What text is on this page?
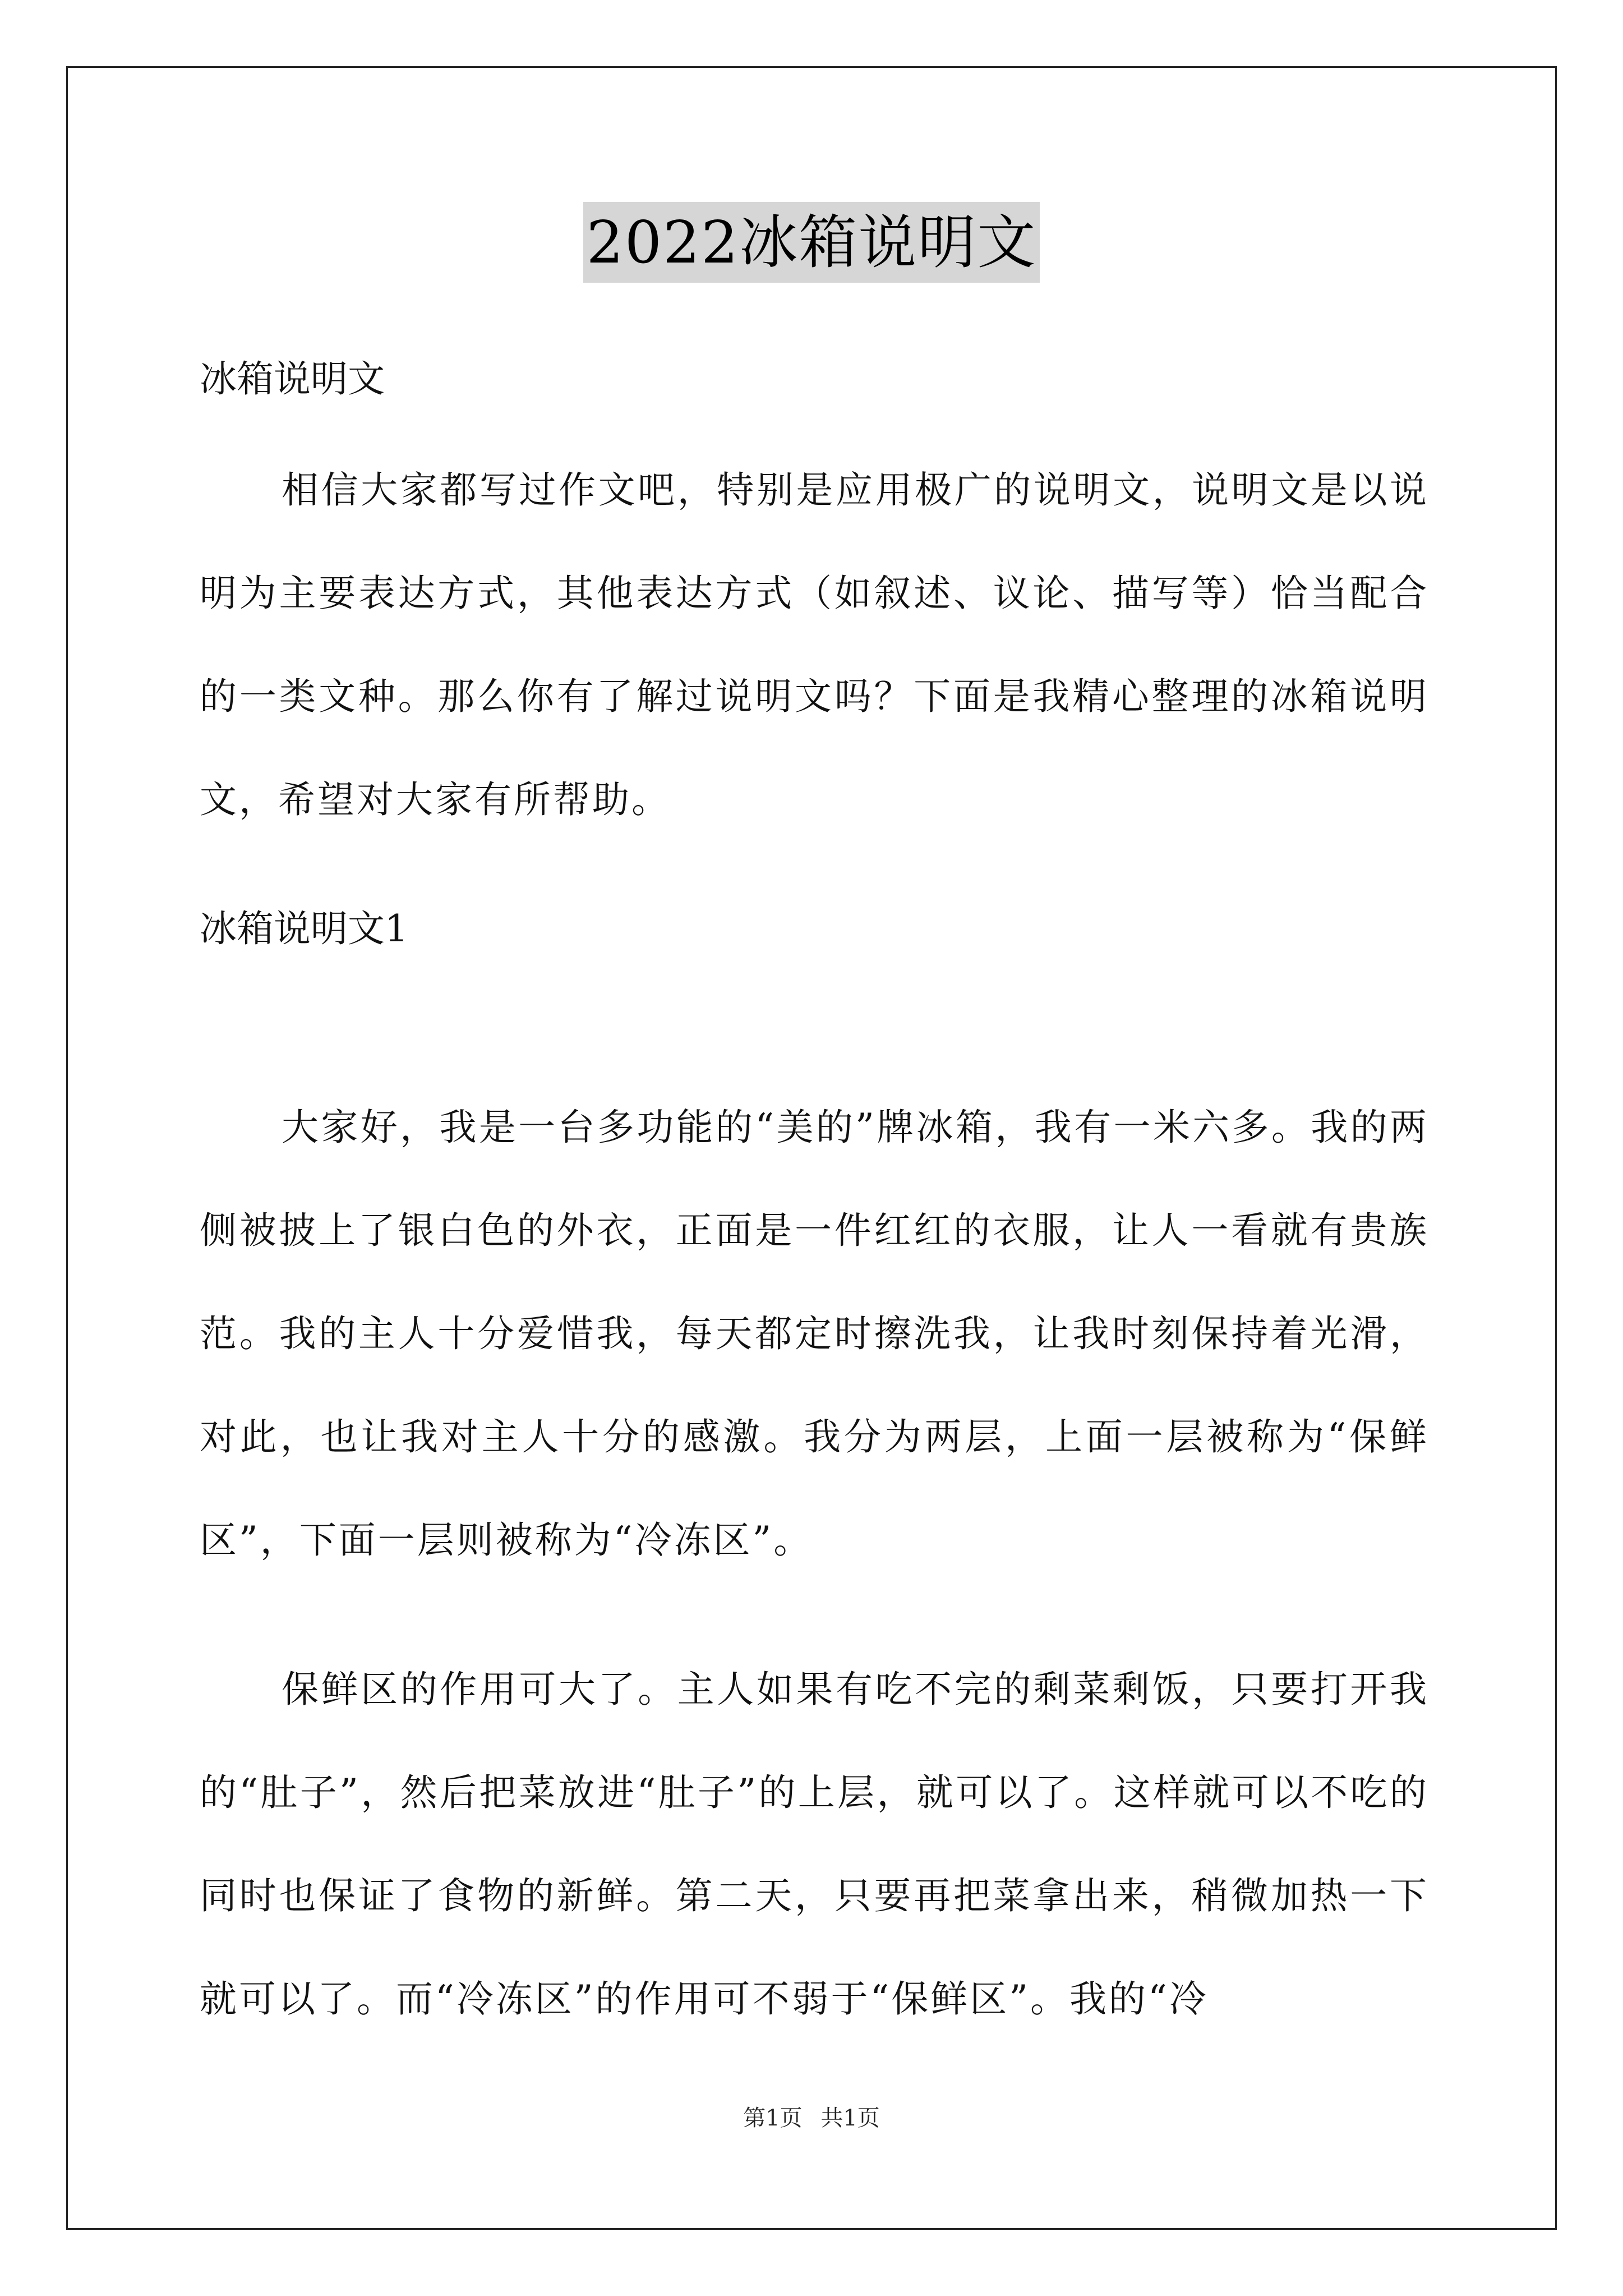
2022冰箱说明文
冰箱说明文

相信大家都写过作文吧，特别是应用极广的说明文，说明文是以说明为主要表达方式，其他表达方式（如叙述、议论、描写等）恰当配合的一类文种。那么你有了解过说明文吗？下面是我精心整理的冰箱说明文，希望对大家有所帮助。

冰箱说明文1

大家好，我是一台多功能的“美的”牌冰箱，我有一米六多。我的两侧被披上了银白色的外衣，正面是一件红红的衣服，让人一看就有贵族范。我的主人十分爱惜我，每天都定时擦洗我，让我时刻保持着光滑，对此，也让我对主人十分的感激。我分为两层，上面一层被称为“保鲜区”，下面一层则被称为“冷冻区”。

保鲜区的作用可大了。主人如果有吃不完的剩菜剩饭，只要打开我的“肚子”，然后把菜放进“肚子”的上层，就可以了。这样就可以不吃的同时也保证了食物的新鲜。第二天，只要再把菜拿出来，稍微加热一下就可以了。而“冷冻区”的作用可不弱于“保鲜区”。我的“冷

第1页 共1页
